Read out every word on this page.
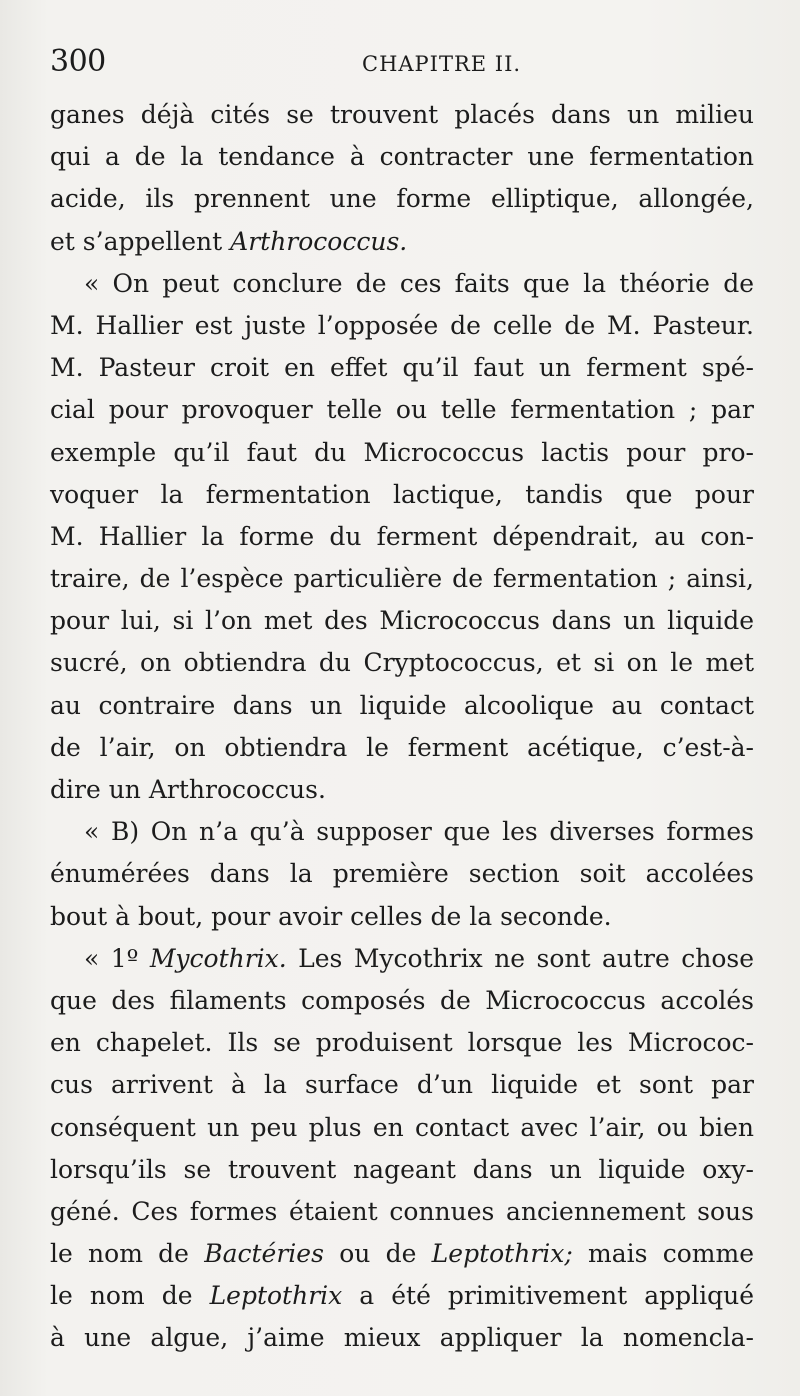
300	CHAPITRE II.
ganes déjà cités se trouvent placés dans un milieu
qui a de la tendance à contracter une fermentation
acide, ils prennent une forme elliptique, allongée,
et s’appellent Arthrococcus.
« On peut conclure de ces faits que la théorie de
M. Hallier est juste l’opposée de celle de M. Pasteur.
M. Pasteur croit en effet qu’il faut un ferment spé-
cial pour provoquer telle ou telle fermentation ; par
exemple qu’il faut du Micrococcus lactis pour pro-
voquer la fermentation lactique, tandis que pour
M. Hallier la forme du ferment dépendrait, au con-
traire, de l’espèce particulière de fermentation ; ainsi,
pour lui, si l’on met des Micrococcus dans un liquide
sucré, on obtiendra du Cryptococcus, et si on le met
au contraire dans un liquide alcoolique au contact
de l’air, on obtiendra le ferment acétique, c’est-à-
dire un Arthrococcus.
« B) On n’a qu’à supposer que les diverses formes
énumérées dans la première section soit accolées
bout à bout, pour avoir celles de la seconde.
« 1º Mycothrix. Les Mycothrix ne sont autre chose
que des filaments composés de Micrococcus accolés
en chapelet. Ils se produisent lorsque les Micrococ-
cus arrivent à la surface d’un liquide et sont par
conséquent un peu plus en contact avec l’air, ou bien
lorsqu’ils se trouvent nageant dans un liquide oxy-
géné. Ces formes étaient connues anciennement sous
le nom de Bactéries ou de Leptothrix; mais comme
le nom de Leptothrix a été primitivement appliqué
à une algue, j’aime mieux appliquer la nomencla-
